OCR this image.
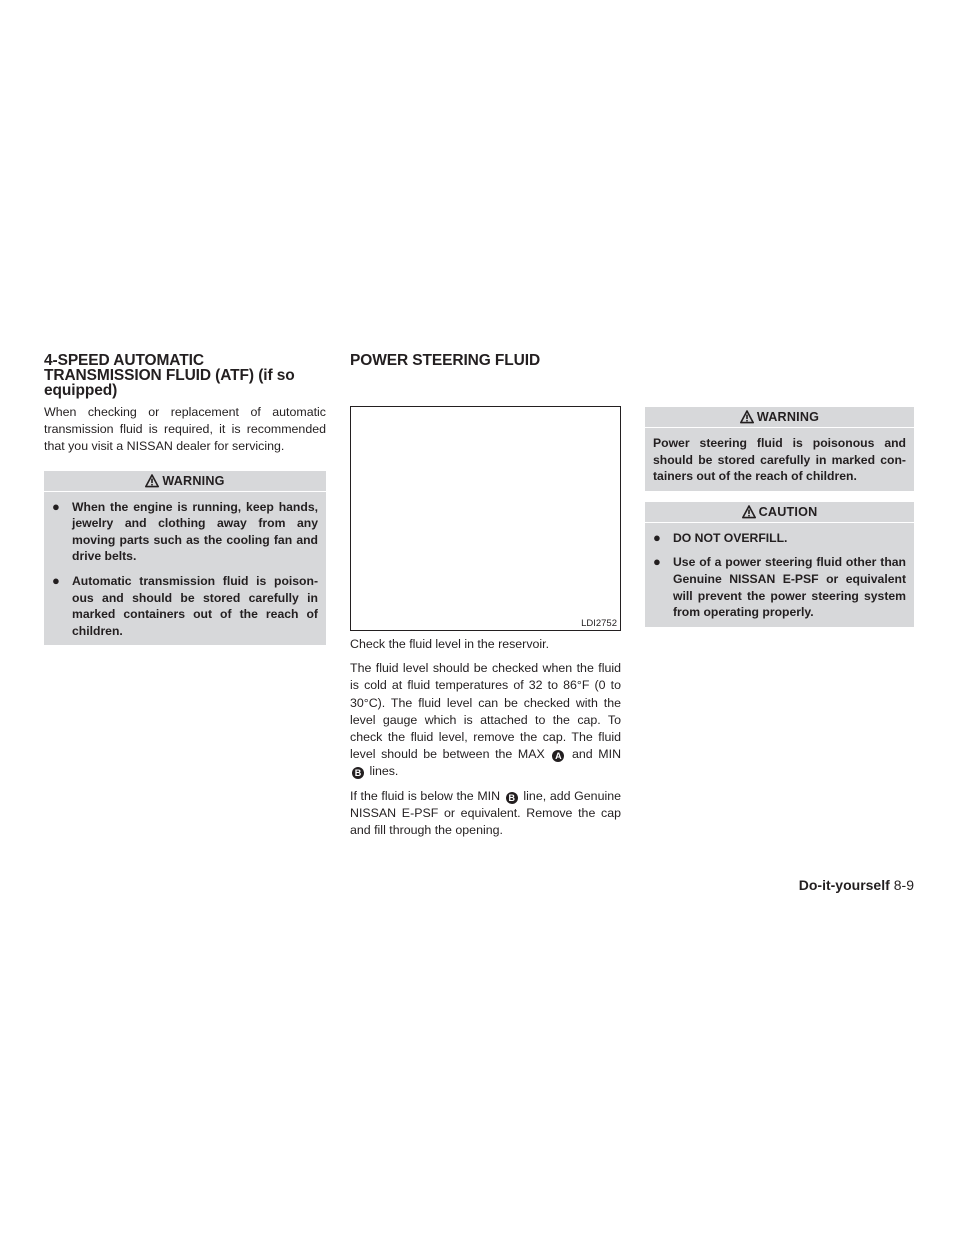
4-SPEED AUTOMATIC
TRANSMISSION FLUID (ATF) (if so
equipped)

When checking or replacement of automatic transmission fluid is required, it is recommended that you visit a NISSAN dealer for servicing.

WARNING
● When the engine is running, keep hands, jewelry and clothing away from any moving parts such as the cooling fan and drive belts.
● Automatic transmission fluid is poison- ous and should be stored carefully in marked containers out of the reach of children.
POWER STEERING FLUID
LDI2752

Check the fluid level in the reservoir.

The fluid level should be checked when the fluid is cold at fluid temperatures of 32 to 86°F (0 to 30°C). The fluid level can be checked with the level gauge which is attached to the cap. To check the fluid level, remove the cap. The fluid level should be between the MAX A and MIN B lines.

If the fluid is below the MIN B line, add Genuine NISSAN E-PSF or equivalent. Remove the cap and fill through the opening.

WARNING

Power steering fluid is poisonous and should be stored carefully in marked con- tainers out of the reach of children.

CAUTION
● DO NOT OVERFILL.
● Use of a power steering fluid other than Genuine NISSAN E-PSF or equivalent will prevent the power steering system from operating properly.
Do-it-yourself 8-9
